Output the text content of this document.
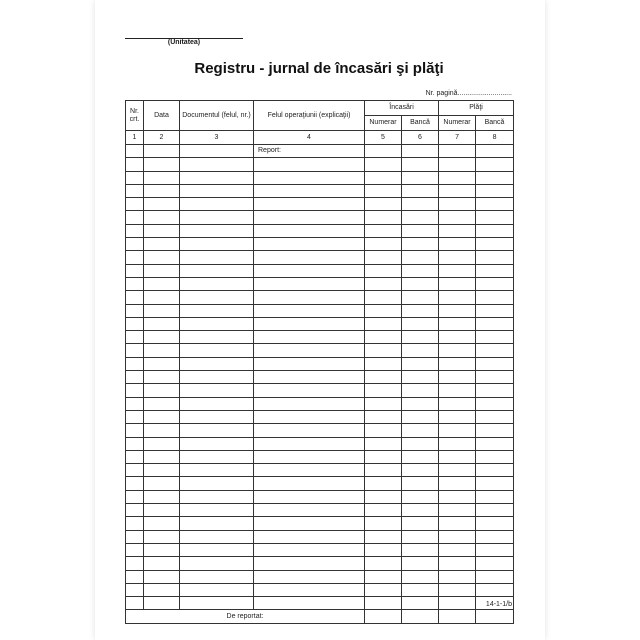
(Unitatea)
Registru - jurnal de încasări şi plăţi
Nr. pagină............................
Nr. crt.	Data	Documentul (felul, nr.)	Felul operaţiunii (explicaţii)	Încasări		Plăţi	
				Numerar	Bancă	Numerar	Bancă
1	2	3	4	5	6	7	8
			Report:				

De reportat:							
14-1-1/b
